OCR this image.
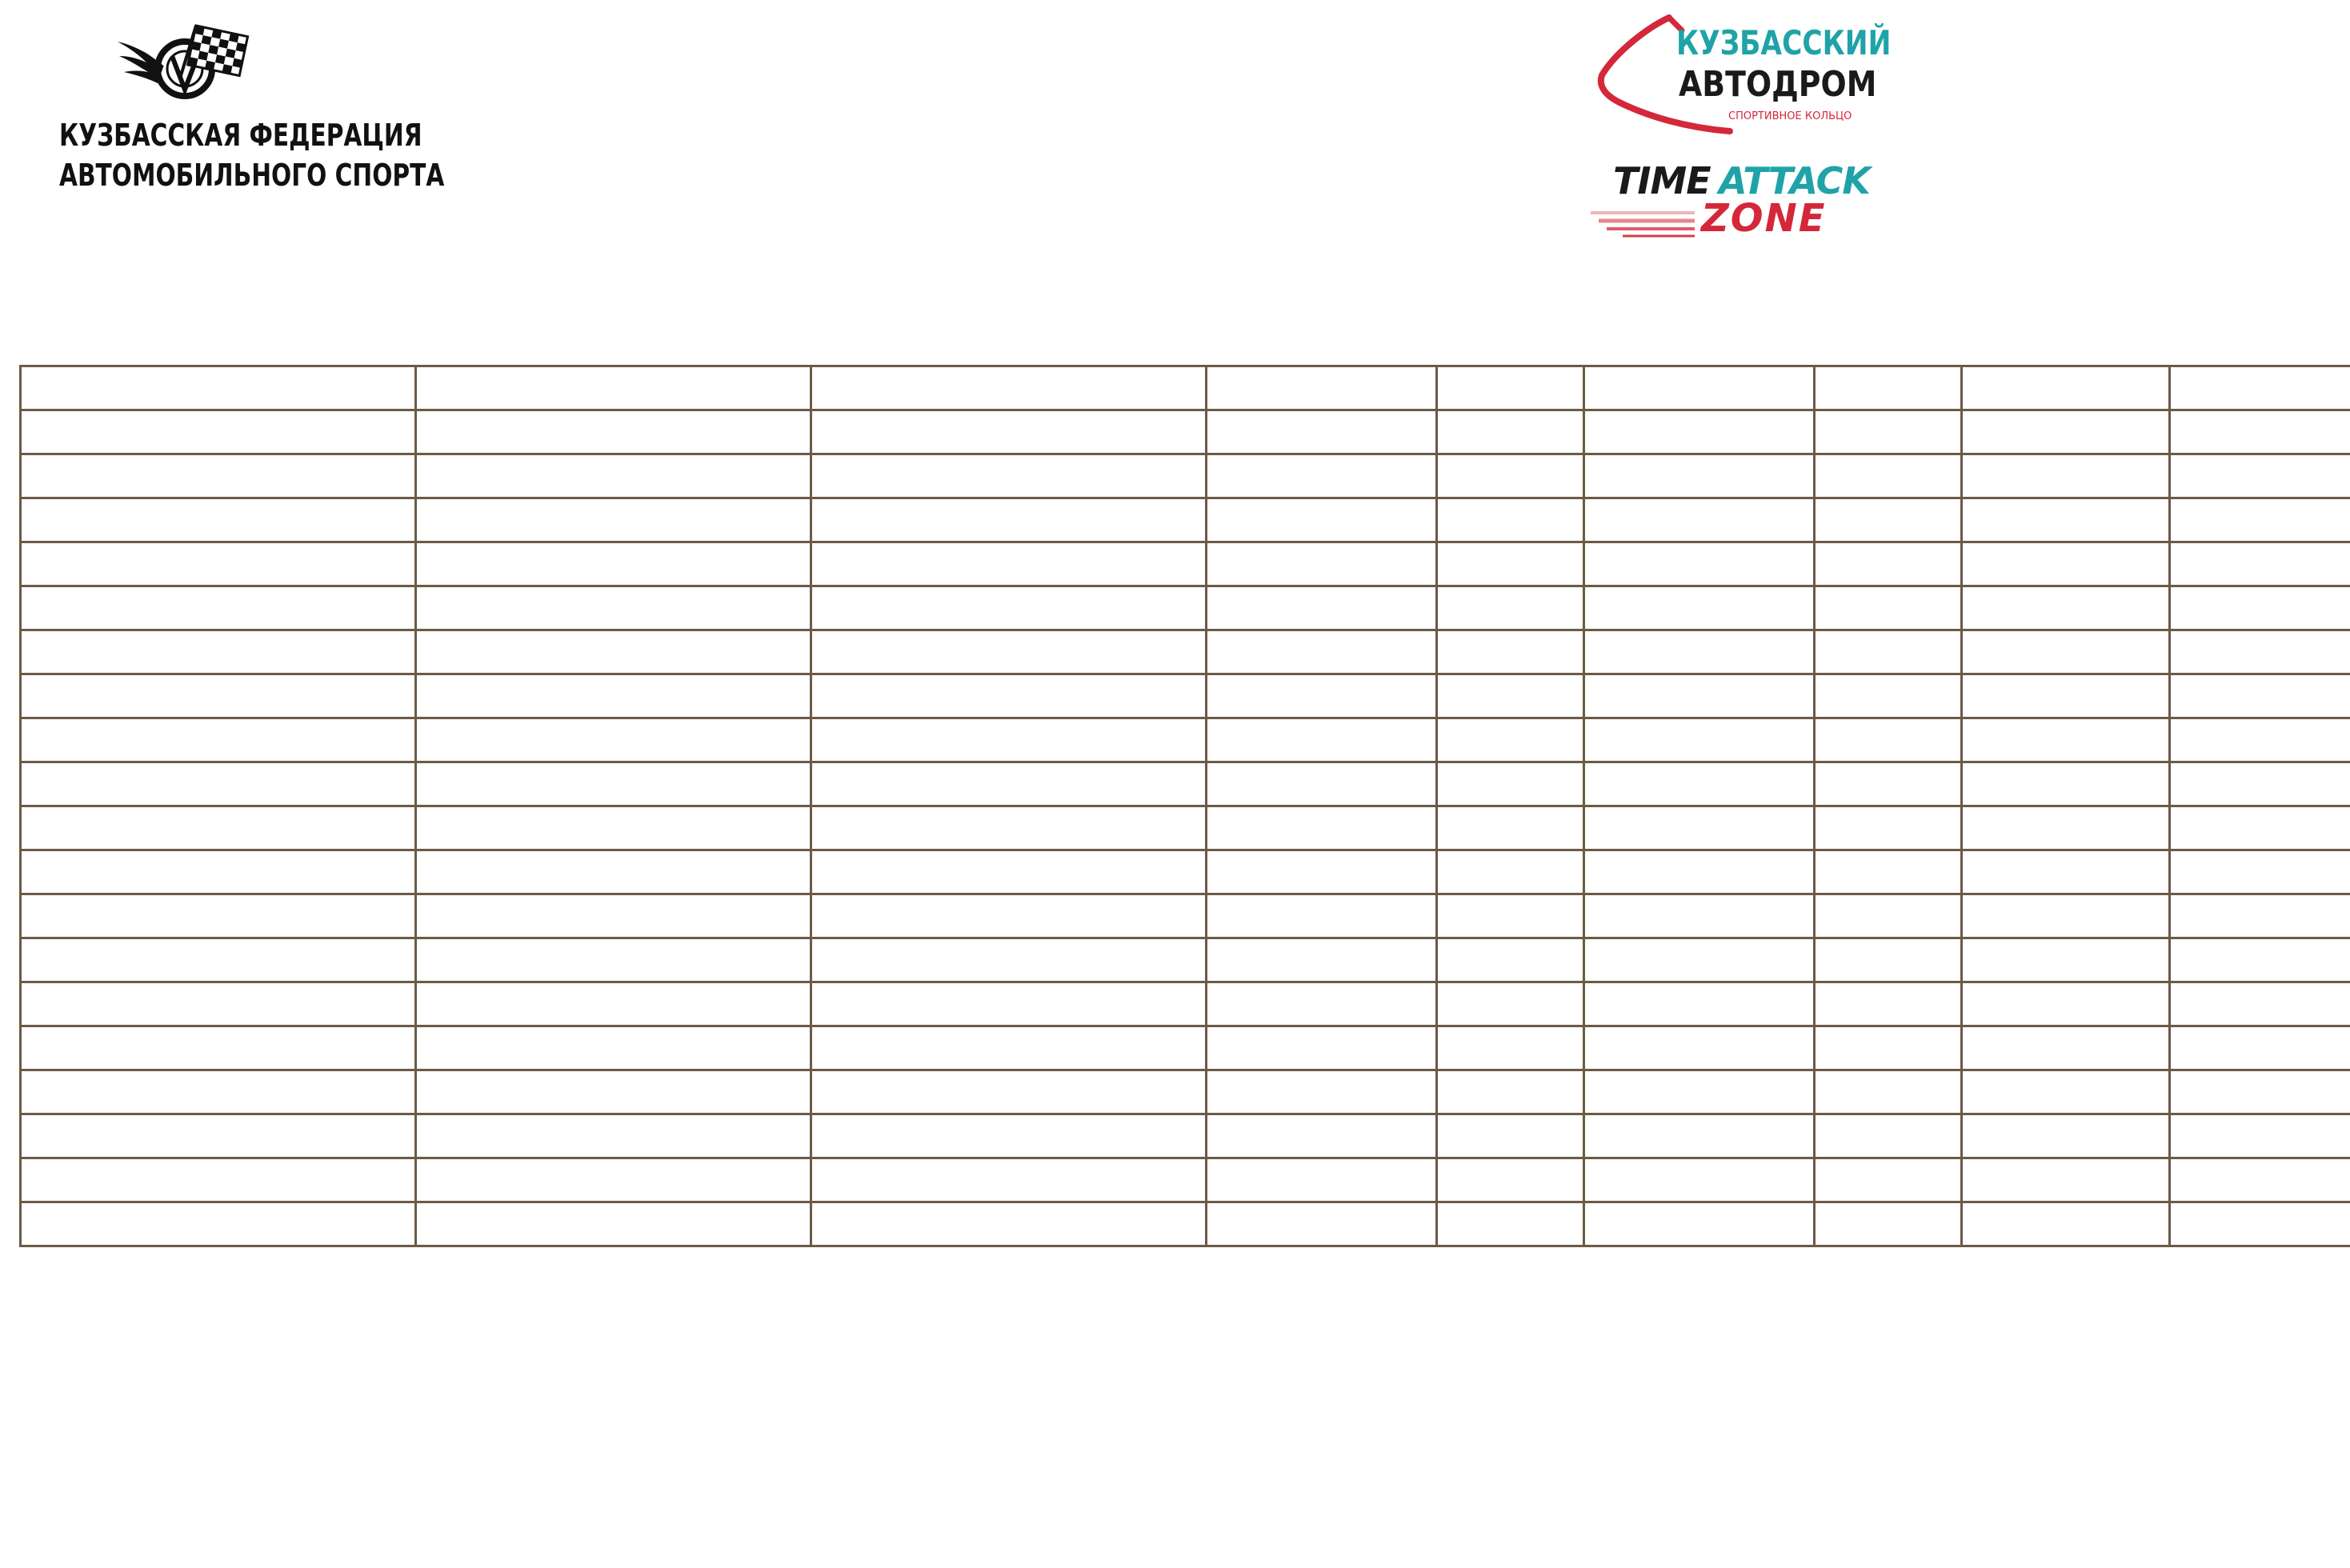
КУЗБАССКАЯ ФЕДЕРАЦИЯ
АВТОМОБИЛЬНОГО СПОРТА
КУЗБАССКИЙ
АВТОДРОМ
СПОРТИВНОЕ КОЛЬЦО
TIME ATTACK
ZONE
